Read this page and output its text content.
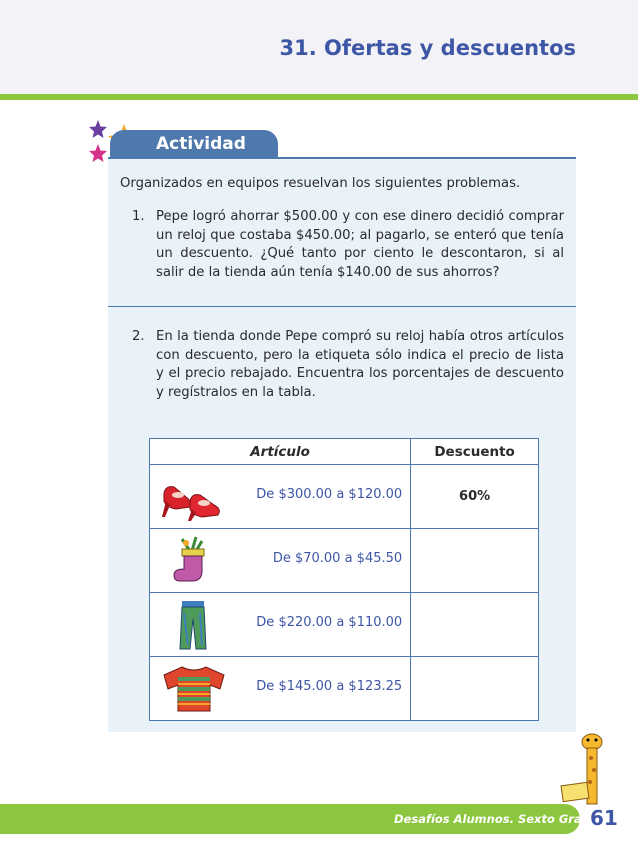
31. Ofertas y descuentos
Actividad
Organizados en equipos resuelvan los siguientes problemas.
1. Pepe logró ahorrar $500.00 y con ese dinero decidió comprar un reloj que costaba $450.00; al pagarlo, se enteró que tenía un descuento. ¿Qué tanto por ciento le descontaron, si al salir de la tienda aún tenía $140.00 de sus ahorros?
2. En la tienda donde Pepe compró su reloj había otros artículos con descuento, pero la etiqueta sólo indica el precio de lista y el precio rebajado. Encuentra los porcentajes de descuento y regístralos en la tabla.
Artículo	Descuento

De $300.00 a $120.00	60%

De $70.00 a $45.50	

De $220.00 a $110.00	

De $145.00 a $123.25	

Desafíos Alumnos. Sexto Grado
61
